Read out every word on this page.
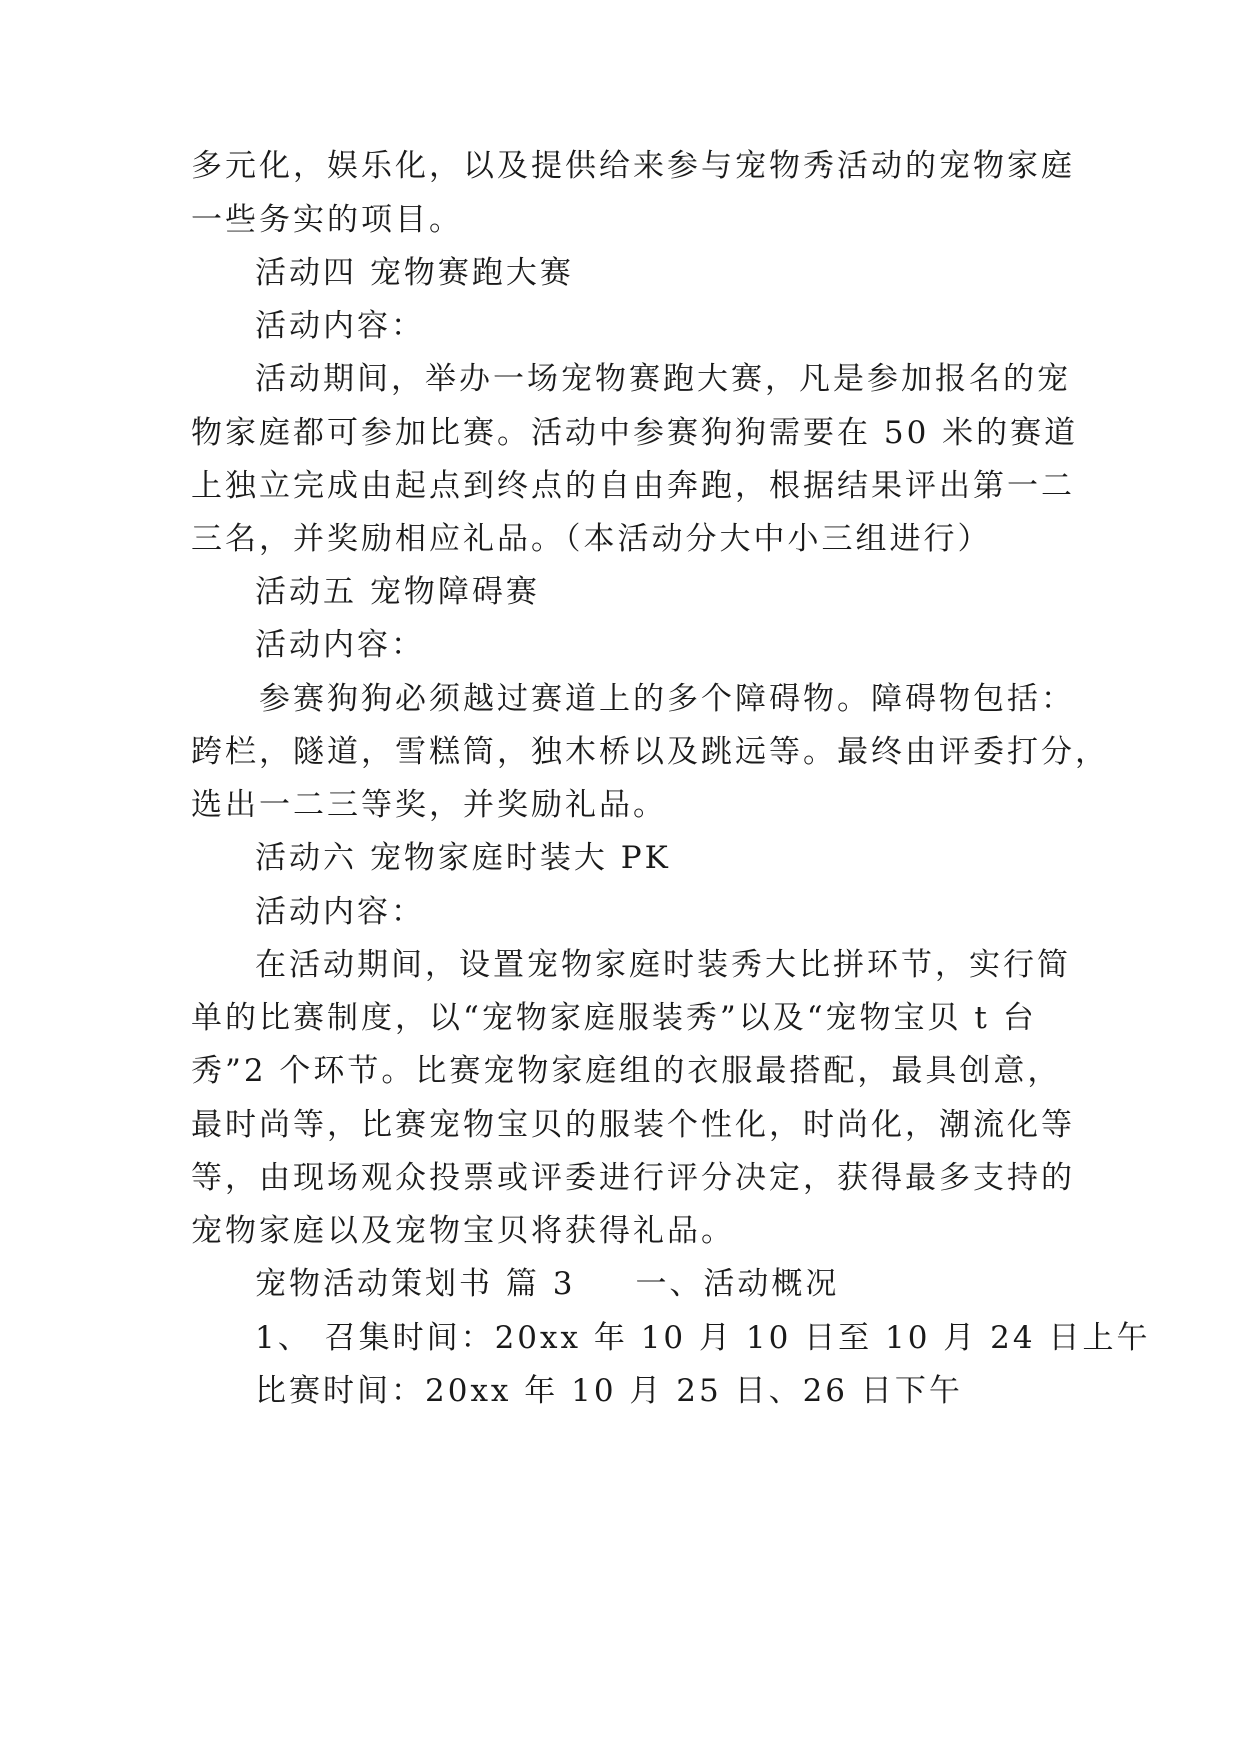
多元化，娱乐化，以及提供给来参与宠物秀活动的宠物家庭
一些务实的项目。
活动四 宠物赛跑大赛
活动内容：
活动期间，举办一场宠物赛跑大赛，凡是参加报名的宠
物家庭都可参加比赛。活动中参赛狗狗需要在 50 米的赛道
上独立完成由起点到终点的自由奔跑，根据结果评出第一二
三名，并奖励相应礼品。（本活动分大中小三组进行）
活动五 宠物障碍赛
活动内容：
参赛狗狗必须越过赛道上的多个障碍物。障碍物包括：
跨栏，隧道，雪糕筒，独木桥以及跳远等。最终由评委打分，
选出一二三等奖，并奖励礼品。
活动六 宠物家庭时装大 PK
活动内容：
在活动期间，设置宠物家庭时装秀大比拼环节，实行简
单的比赛制度，以“宠物家庭服装秀”以及“宠物宝贝 t 台
秀”2 个环节。比赛宠物家庭组的衣服最搭配，最具创意，
最时尚等，比赛宠物宝贝的服装个性化，时尚化，潮流化等
等，由现场观众投票或评委进行评分决定，获得最多支持的
宠物家庭以及宠物宝贝将获得礼品。
宠物活动策划书 篇 3 一、活动概况
1、 召集时间：20xx 年 10 月 10 日至 10 月 24 日上午
比赛时间：20xx 年 10 月 25 日、26 日下午
